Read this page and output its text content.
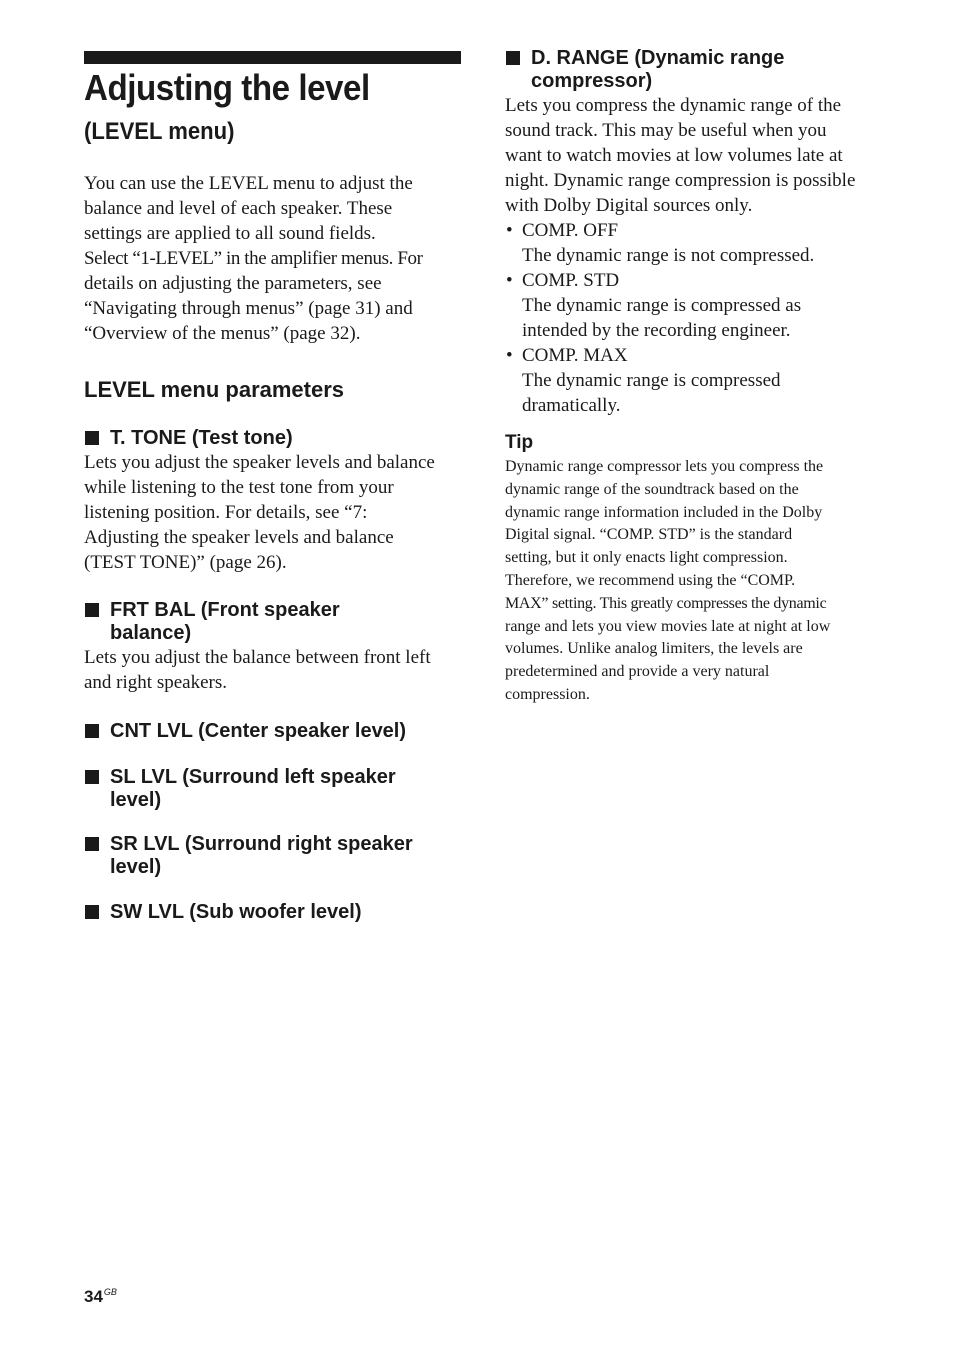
Adjusting the level
(LEVEL menu)

You can use the LEVEL menu to adjust the
balance and level of each speaker. These
settings are applied to all sound fields.
Select “1-LEVEL” in the amplifier menus. For
details on adjusting the parameters, see
“Navigating through menus” (page 31) and
“Overview of the menus” (page 32).

LEVEL menu parameters
T. TONE (Test tone)

Lets you adjust the speaker levels and balance
while listening to the test tone from your
listening position. For details, see “7:
Adjusting the speaker levels and balance
(TEST TONE)” (page 26).

FRT BAL (Front speaker
balance)

Lets you adjust the balance between front left
and right speakers.

CNT LVL (Center speaker level)
SL LVL (Surround left speaker
level)
SR LVL (Surround right speaker
level)
SW LVL (Sub woofer level)
D. RANGE (Dynamic range
compressor)

Lets you compress the dynamic range of the
sound track. This may be useful when you
want to watch movies at low volumes late at
night. Dynamic range compression is possible
with Dolby Digital sources only.

• COMP. OFF
The dynamic range is not compressed.
• COMP. STD
The dynamic range is compressed as
intended by the recording engineer.
• COMP. MAX
The dynamic range is compressed
dramatically.
Tip

Dynamic range compressor lets you compress the
dynamic range of the soundtrack based on the
dynamic range information included in the Dolby
Digital signal. “COMP. STD” is the standard
setting, but it only enacts light compression.
Therefore, we recommend using the “COMP.
MAX” setting. This greatly compresses the dynamic
range and lets you view movies late at night at low
volumes. Unlike analog limiters, the levels are
predetermined and provide a very natural
compression.

$34^{GB}$
